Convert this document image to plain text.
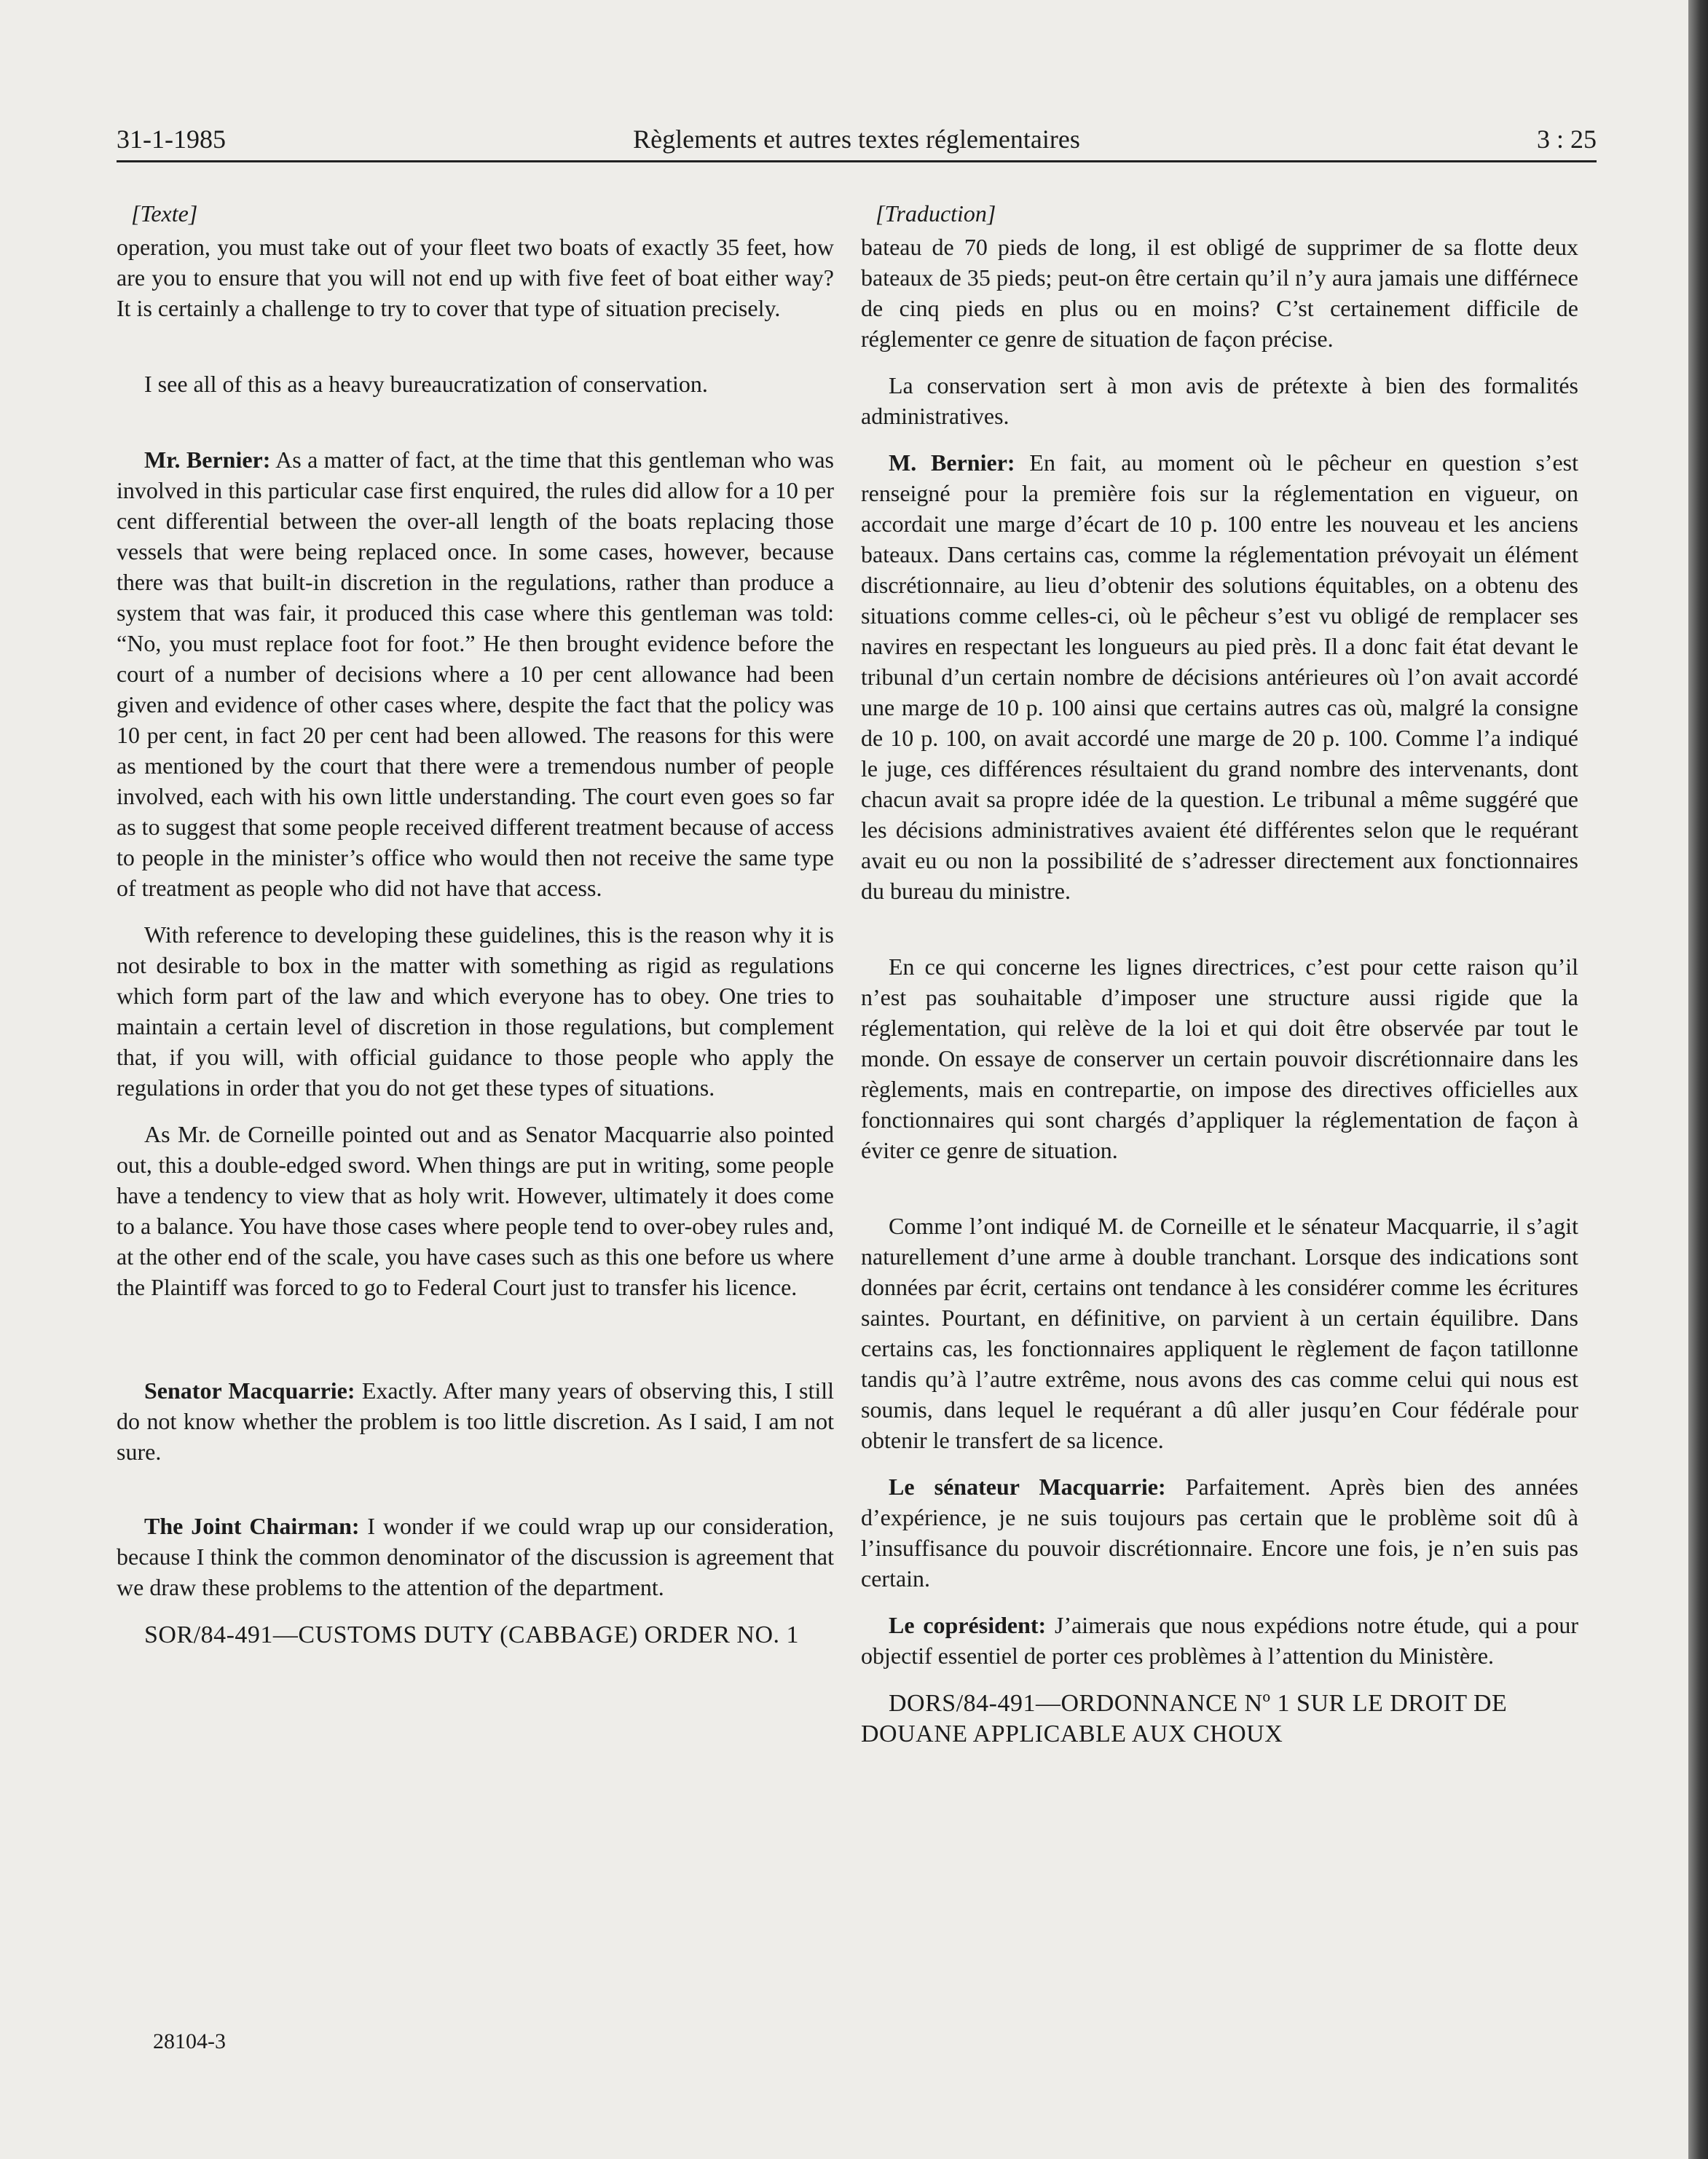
31-1-1985	Règlements et autres textes réglementaires	3 : 25
[Texte]

operation, you must take out of your fleet two boats of exactly 35 feet, how are you to ensure that you will not end up with five feet of boat either way? It is certainly a challenge to try to cover that type of situation precisely.

I see all of this as a heavy bureaucratization of conservation.

Mr. Bernier: As a matter of fact, at the time that this gentleman who was involved in this particular case first enquired, the rules did allow for a 10 per cent differential between the over-all length of the boats replacing those vessels that were being replaced once. In some cases, however, because there was that built-in discretion in the regulations, rather than produce a system that was fair, it produced this case where this gentleman was told: “No, you must replace foot for foot.” He then brought evidence before the court of a number of decisions where a 10 per cent allowance had been given and evidence of other cases where, despite the fact that the policy was 10 per cent, in fact 20 per cent had been allowed. The reasons for this were as mentioned by the court that there were a tremendous number of people involved, each with his own little understanding. The court even goes so far as to suggest that some people received different treatment because of access to people in the minister’s office who would then not receive the same type of treatment as people who did not have that access.

With reference to developing these guidelines, this is the reason why it is not desirable to box in the matter with something as rigid as regulations which form part of the law and which everyone has to obey. One tries to maintain a certain level of discretion in those regulations, but complement that, if you will, with official guidance to those people who apply the regulations in order that you do not get these types of situations.

As Mr. de Corneille pointed out and as Senator Macquarrie also pointed out, this a double-edged sword. When things are put in writing, some people have a tendency to view that as holy writ. However, ultimately it does come to a balance. You have those cases where people tend to over-obey rules and, at the other end of the scale, you have cases such as this one before us where the Plaintiff was forced to go to Federal Court just to transfer his licence.

Senator Macquarrie: Exactly. After many years of observing this, I still do not know whether the problem is too little discretion. As I said, I am not sure.

The Joint Chairman: I wonder if we could wrap up our consideration, because I think the common denominator of the discussion is agreement that we draw these problems to the attention of the department.

SOR/84-491—CUSTOMS DUTY (CABBAGE) ORDER NO. 1

[Traduction]

bateau de 70 pieds de long, il est obligé de supprimer de sa flotte deux bateaux de 35 pieds; peut-on être certain qu’il n’y aura jamais une différnece de cinq pieds en plus ou en moins? C’st certainement difficile de réglementer ce genre de situation de façon précise.

La conservation sert à mon avis de prétexte à bien des formalités administratives.

M. Bernier: En fait, au moment où le pêcheur en question s’est renseigné pour la première fois sur la réglementation en vigueur, on accordait une marge d’écart de 10 p. 100 entre les nouveau et les anciens bateaux. Dans certains cas, comme la réglementation prévoyait un élément discrétionnaire, au lieu d’obtenir des solutions équitables, on a obtenu des situations comme celles-ci, où le pêcheur s’est vu obligé de remplacer ses navires en respectant les longueurs au pied près. Il a donc fait état devant le tribunal d’un certain nombre de décisions antérieures où l’on avait accordé une marge de 10 p. 100 ainsi que certains autres cas où, malgré la consigne de 10 p. 100, on avait accordé une marge de 20 p. 100. Comme l’a indiqué le juge, ces différences résultaient du grand nombre des intervenants, dont chacun avait sa propre idée de la question. Le tribunal a même suggéré que les décisions administratives avaient été différentes selon que le requérant avait eu ou non la possibilité de s’adresser directement aux fonctionnaires du bureau du ministre.

En ce qui concerne les lignes directrices, c’est pour cette raison qu’il n’est pas souhaitable d’imposer une structure aussi rigide que la réglementation, qui relève de la loi et qui doit être observée par tout le monde. On essaye de conserver un certain pouvoir discrétionnaire dans les règlements, mais en contrepartie, on impose des directives officielles aux fonctionnaires qui sont chargés d’appliquer la réglementation de façon à éviter ce genre de situation.

Comme l’ont indiqué M. de Corneille et le sénateur Macquarrie, il s’agit naturellement d’une arme à double tranchant. Lorsque des indications sont données par écrit, certains ont tendance à les considérer comme les écritures saintes. Pourtant, en définitive, on parvient à un certain équilibre. Dans certains cas, les fonctionnaires appliquent le règlement de façon tatillonne tandis qu’à l’autre extrême, nous avons des cas comme celui qui nous est soumis, dans lequel le requérant a dû aller jusqu’en Cour fédérale pour obtenir le transfert de sa licence.

Le sénateur Macquarrie: Parfaitement. Après bien des années d’expérience, je ne suis toujours pas certain que le problème soit dû à l’insuffisance du pouvoir discrétionnaire. Encore une fois, je n’en suis pas certain.

Le coprésident: J’aimerais que nous expédions notre étude, qui a pour objectif essentiel de porter ces problèmes à l’attention du Ministère.

DORS/84-491—ORDONNANCE Nº 1 SUR LE DROIT DE DOUANE APPLICABLE AUX CHOUX

28104-3
